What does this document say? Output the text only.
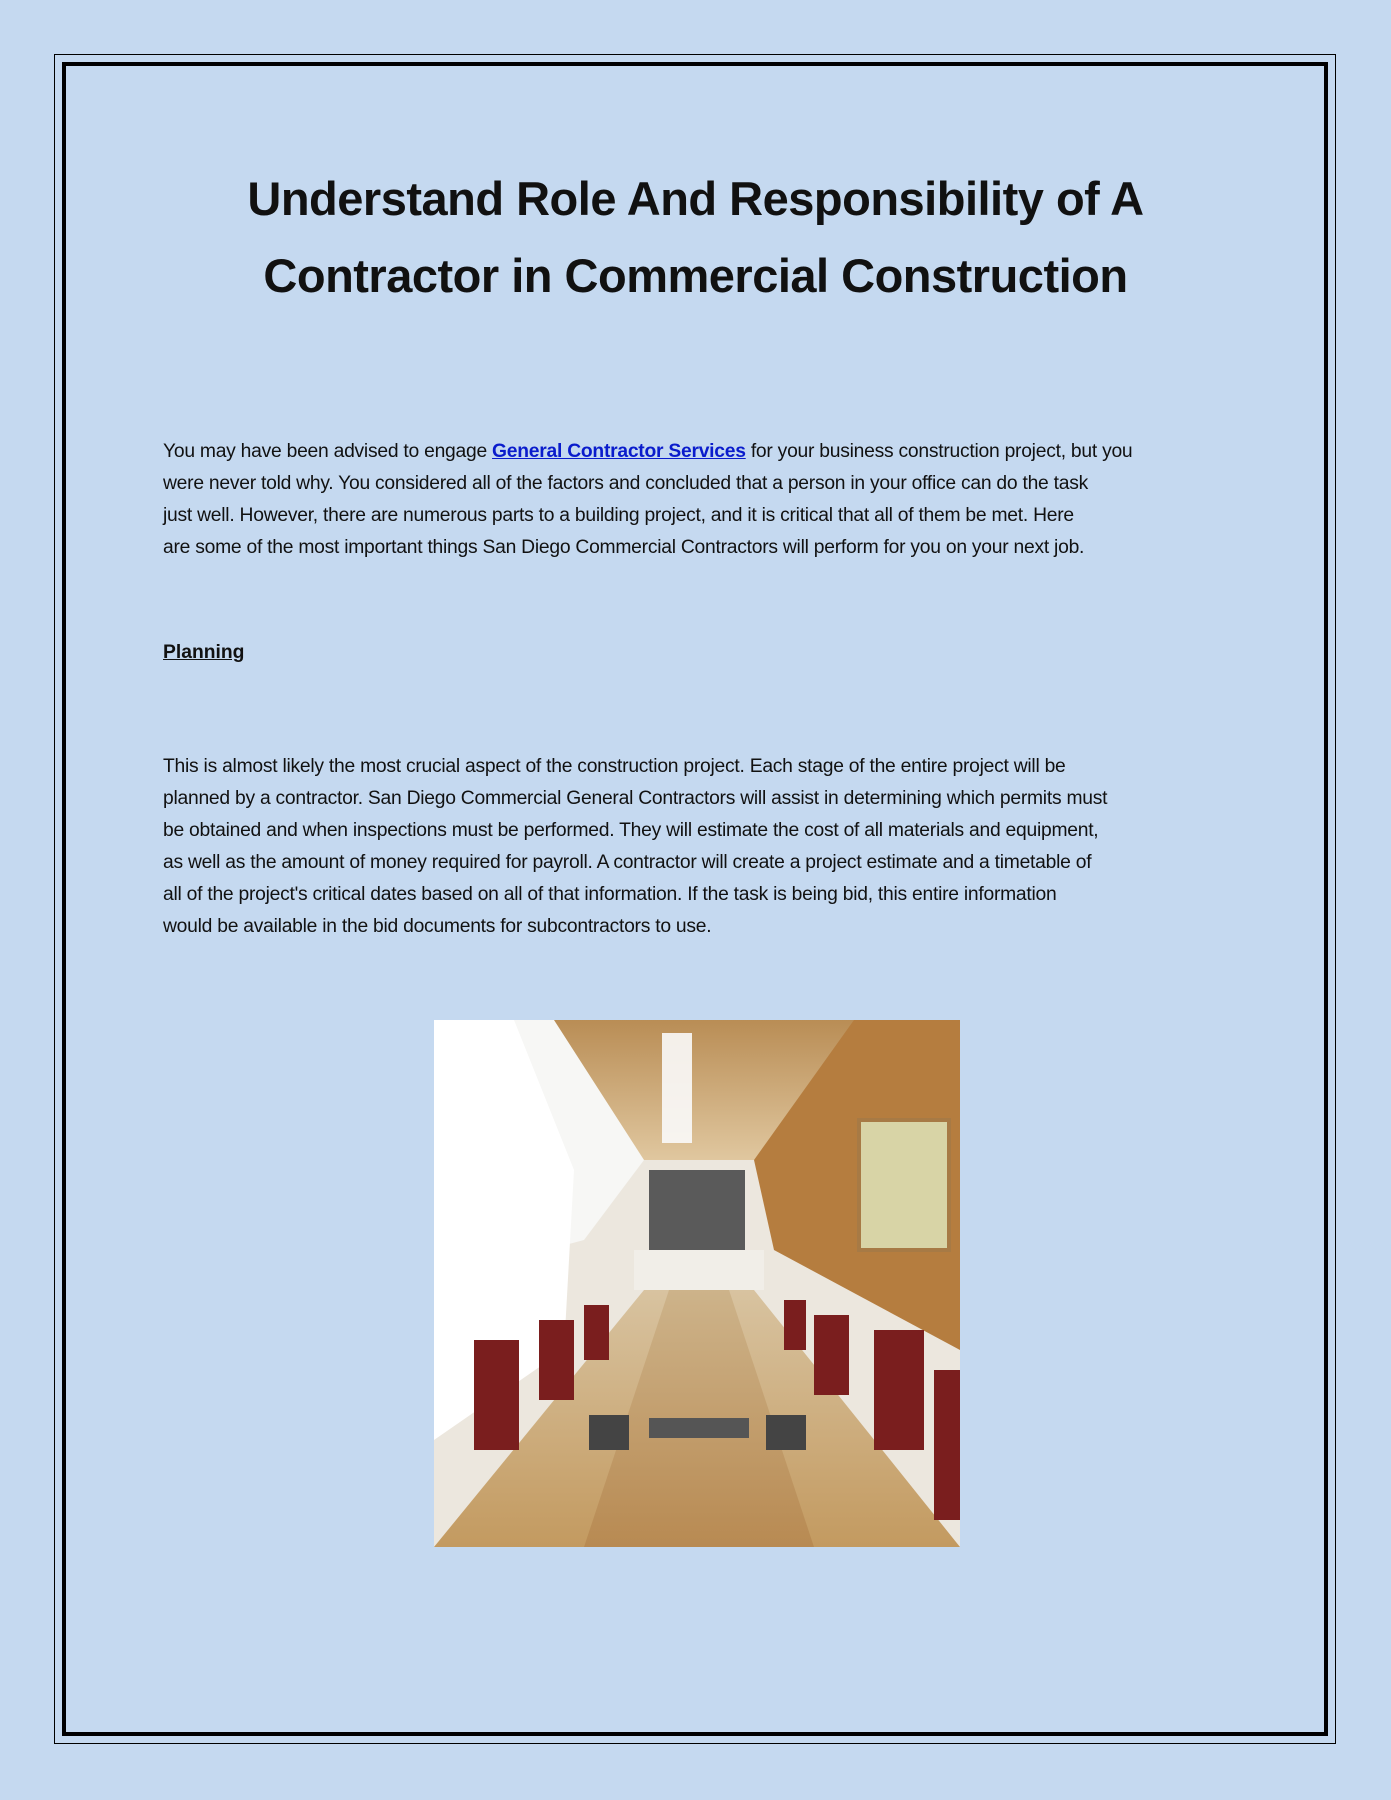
Understand Role And Responsibility of A
Contractor in Commercial Construction
You may have been advised to engage General Contractor Services for your business construction project, but you
were never told why. You considered all of the factors and concluded that a person in your office can do the task
just well. However, there are numerous parts to a building project, and it is critical that all of them be met. Here
are some of the most important things San Diego Commercial Contractors will perform for you on your next job.
Planning
This is almost likely the most crucial aspect of the construction project. Each stage of the entire project will be
planned by a contractor. San Diego Commercial General Contractors will assist in determining which permits must
be obtained and when inspections must be performed. They will estimate the cost of all materials and equipment,
as well as the amount of money required for payroll. A contractor will create a project estimate and a timetable of
all of the project's critical dates based on all of that information. If the task is being bid, this entire information
would be available in the bid documents for subcontractors to use.
